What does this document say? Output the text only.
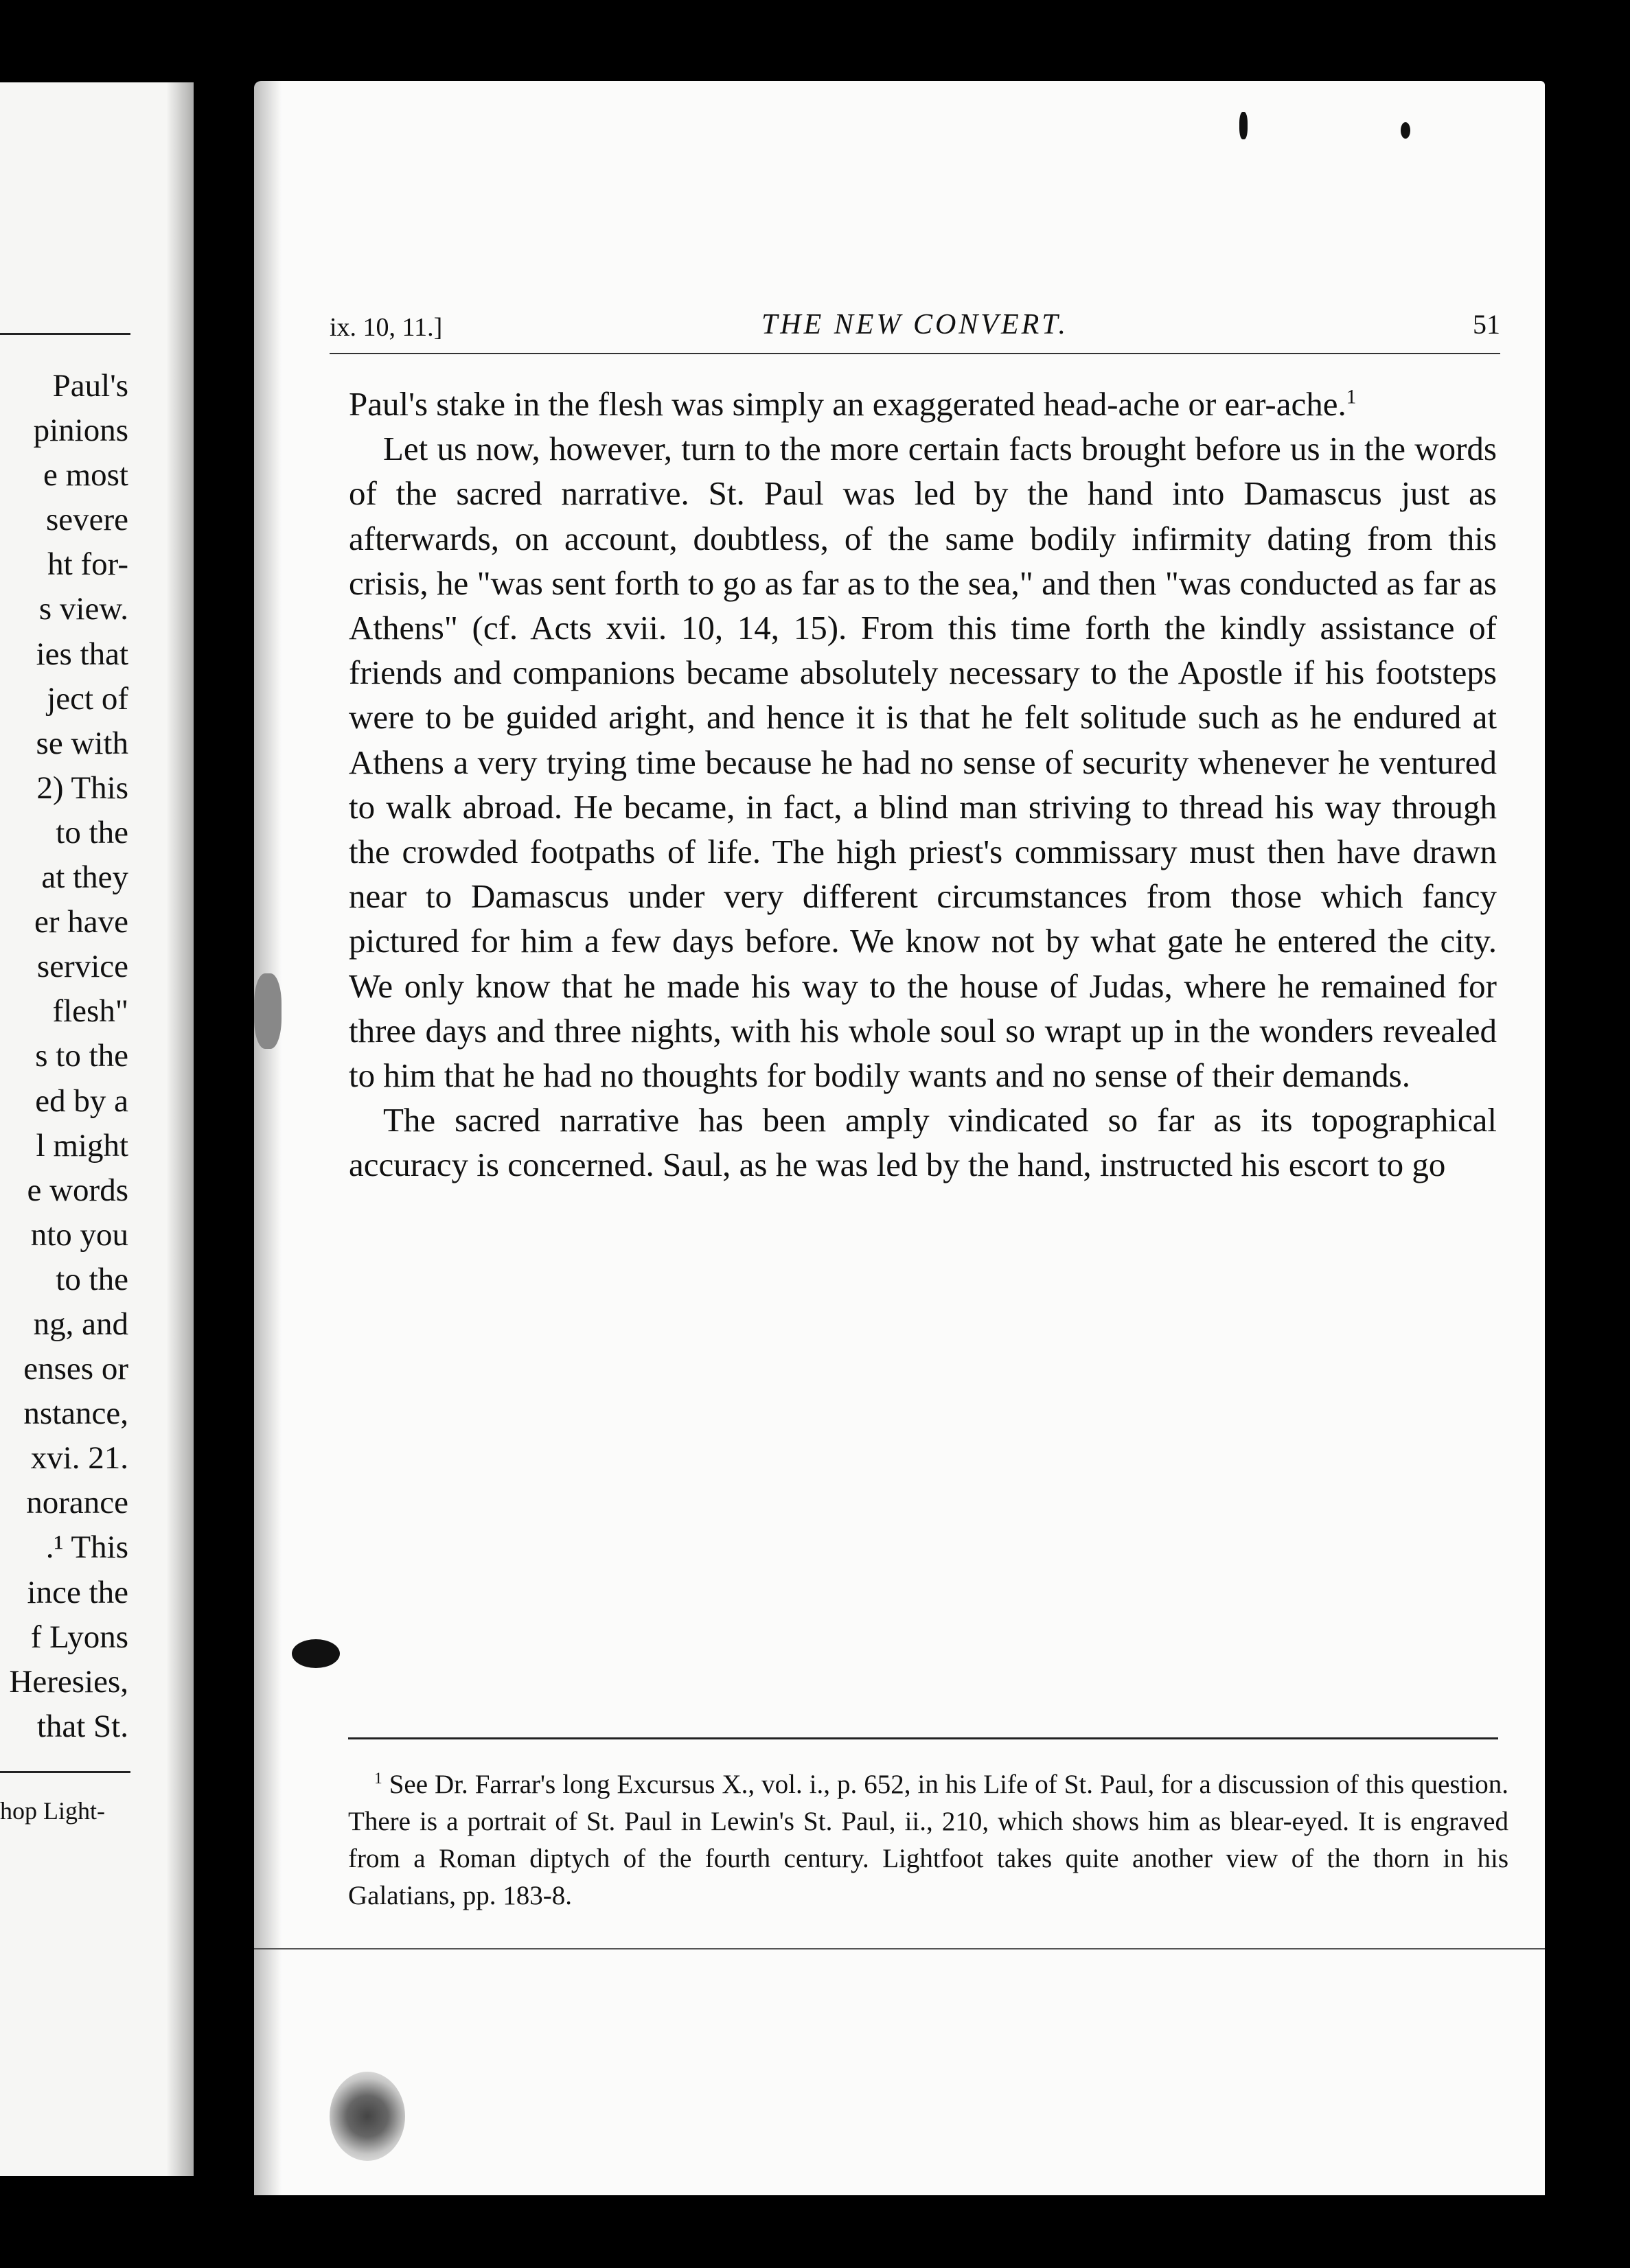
Paul's
pinions
e most
severe
ht for-
s view.
ies that
ject of
se with
2) This
to the
at they
er have
service
flesh"
s to the
ed by a
l might
e words
nto you
to the
ng, and
enses or
nstance,
xvi. 21.
norance
.¹ This
ince the
f Lyons
Heresies,
that St.
hop Light-
ix. 10, 11.]	THE NEW CONVERT.	51

Paul's stake in the flesh was simply an exaggerated head-ache or ear-ache.$^1$

Let us now, however, turn to the more certain facts brought before us in the words of the sacred narrative. St. Paul was led by the hand into Damascus just as afterwards, on account, doubtless, of the same bodily infirmity dating from this crisis, he "was sent forth to go as far as to the sea," and then "was conducted as far as Athens" (cf. Acts xvii. 10, 14, 15). From this time forth the kindly assistance of friends and companions became absolutely necessary to the Apostle if his footsteps were to be guided aright, and hence it is that he felt solitude such as he endured at Athens a very trying time because he had no sense of security whenever he ventured to walk abroad. He became, in fact, a blind man striving to thread his way through the crowded footpaths of life. The high priest's commissary must then have drawn near to Damascus under very different circumstances from those which fancy pictured for him a few days before. We know not by what gate he entered the city. We only know that he made his way to the house of Judas, where he remained for three days and three nights, with his whole soul so wrapt up in the wonders revealed to him that he had no thoughts for bodily wants and no sense of their demands.

The sacred narrative has been amply vindicated so far as its topographical accuracy is concerned. Saul, as he was led by the hand, instructed his escort to go

$^1$ See Dr. Farrar's long Excursus X., vol. i., p. 652, in his Life of St. Paul, for a discussion of this question. There is a portrait of St. Paul in Lewin's St. Paul, ii., 210, which shows him as blear-eyed. It is engraved from a Roman diptych of the fourth century. Lightfoot takes quite another view of the thorn in his Galatians, pp. 183-8.
